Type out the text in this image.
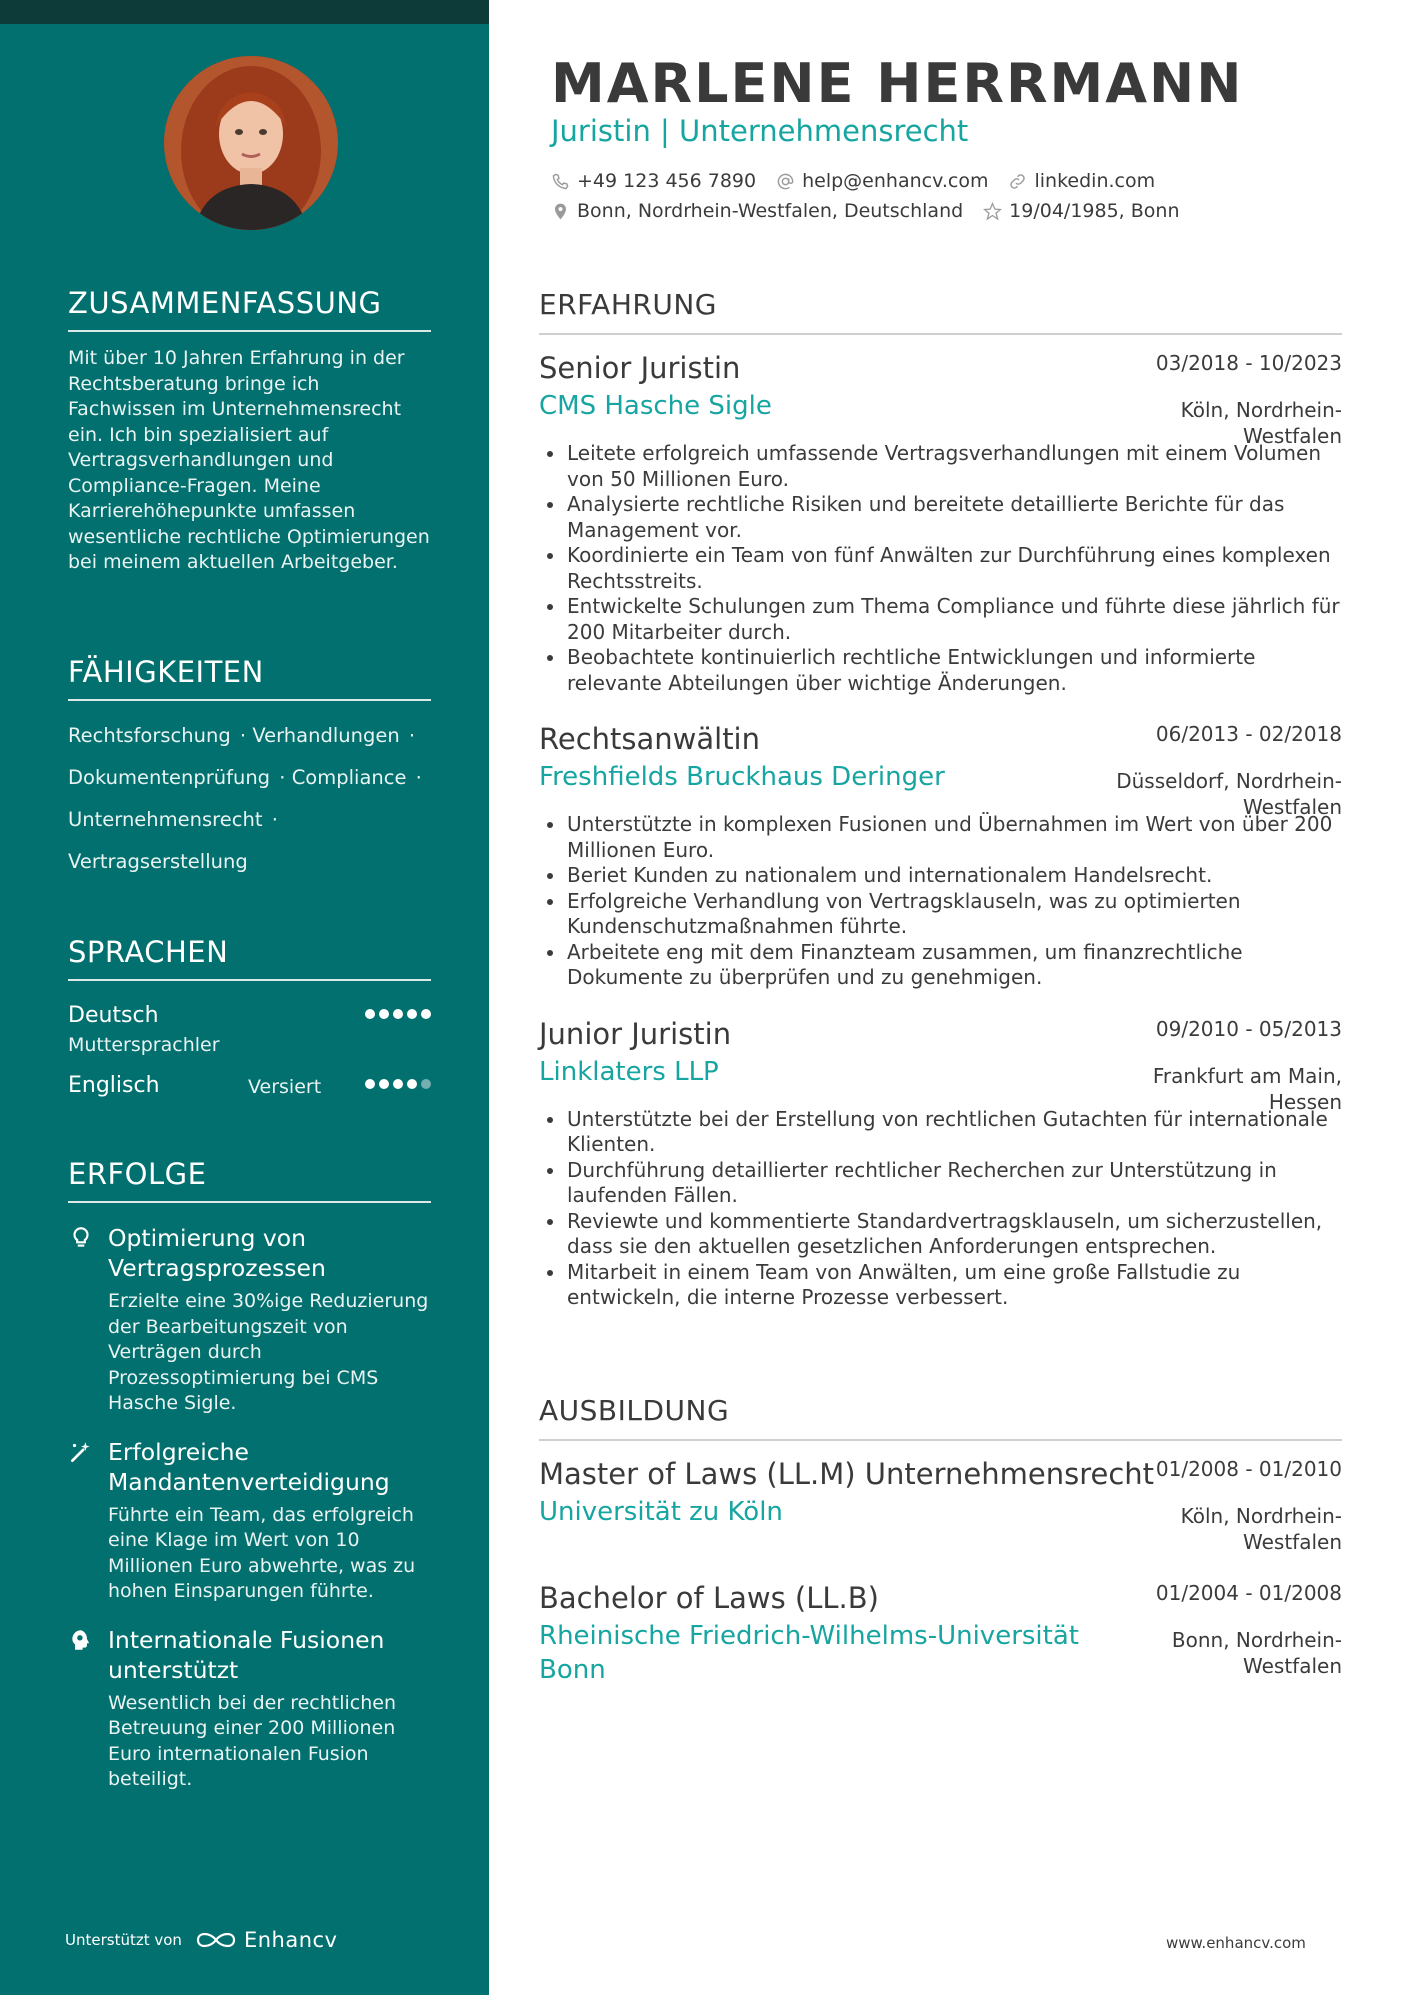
ZUSAMMENFASSUNG
Mit über 10 Jahren Erfahrung in der Rechtsberatung bringe ich Fachwissen im Unternehmensrecht ein. Ich bin spezialisiert auf Vertragsverhandlungen und Compliance-Fragen. Meine Karrierehöhepunkte umfassen wesentliche rechtliche Optimierungen bei meinem aktuellen Arbeitgeber.
FÄHIGKEITEN
Rechtsforschung · Verhandlungen ·
Dokumentenprüfung · Compliance ·
Unternehmensrecht ·
Vertragserstellung
SPRACHEN
Deutsch
Muttersprachler
Englisch	Versiert
ERFOLGE
Optimierung von Vertragsprozessen
Erzielte eine 30%ige Reduzierung der Bearbeitungszeit von Verträgen durch Prozessoptimierung bei CMS Hasche Sigle.
Erfolgreiche Mandantenverteidigung
Führte ein Team, das erfolgreich eine Klage im Wert von 10 Millionen Euro abwehrte, was zu hohen Einsparungen führte.
Internationale Fusionen unterstützt
Wesentlich bei der rechtlichen Betreuung einer 200 Millionen Euro internationalen Fusion beteiligt.
Unterstützt von	Enhancv
MARLENE HERRMANN
Juristin | Unternehmensrecht
+49 123 456 7890 help@enhancv.com linkedin.com
Bonn, Nordrhein-Westfalen, Deutschland 19/04/1985, Bonn
ERFAHRUNG
Senior Juristin	03/2018 - 10/2023
CMS Hasche Sigle	Köln, Nordrhein-Westfalen
Leitete erfolgreich umfassende Vertragsverhandlungen mit einem Volumen von 50 Millionen Euro.
Analysierte rechtliche Risiken und bereitete detaillierte Berichte für das Management vor.
Koordinierte ein Team von fünf Anwälten zur Durchführung eines komplexen Rechtsstreits.
Entwickelte Schulungen zum Thema Compliance und führte diese jährlich für 200 Mitarbeiter durch.
Beobachtete kontinuierlich rechtliche Entwicklungen und informierte relevante Abteilungen über wichtige Änderungen.
Rechtsanwältin	06/2013 - 02/2018
Freshfields Bruckhaus Deringer	Düsseldorf, Nordrhein-Westfalen
Unterstützte in komplexen Fusionen und Übernahmen im Wert von über 200 Millionen Euro.
Beriet Kunden zu nationalem und internationalem Handelsrecht.
Erfolgreiche Verhandlung von Vertragsklauseln, was zu optimierten Kundenschutzmaßnahmen führte.
Arbeitete eng mit dem Finanzteam zusammen, um finanzrechtliche Dokumente zu überprüfen und zu genehmigen.
Junior Juristin	09/2010 - 05/2013
Linklaters LLP	Frankfurt am Main, Hessen
Unterstützte bei der Erstellung von rechtlichen Gutachten für internationale Klienten.
Durchführung detaillierter rechtlicher Recherchen zur Unterstützung in laufenden Fällen.
Reviewte und kommentierte Standardvertragsklauseln, um sicherzustellen, dass sie den aktuellen gesetzlichen Anforderungen entsprechen.
Mitarbeit in einem Team von Anwälten, um eine große Fallstudie zu entwickeln, die interne Prozesse verbessert.
AUSBILDUNG
Master of Laws (LL.M) Unternehmensrecht 01/2008 - 01/2010
Universität zu Köln	Köln, Nordrhein-Westfalen
Bachelor of Laws (LL.B)	01/2004 - 01/2008
Rheinische Friedrich-Wilhelms-Universität Bonn
Bonn, Nordrhein-Westfalen
www.enhancv.com
